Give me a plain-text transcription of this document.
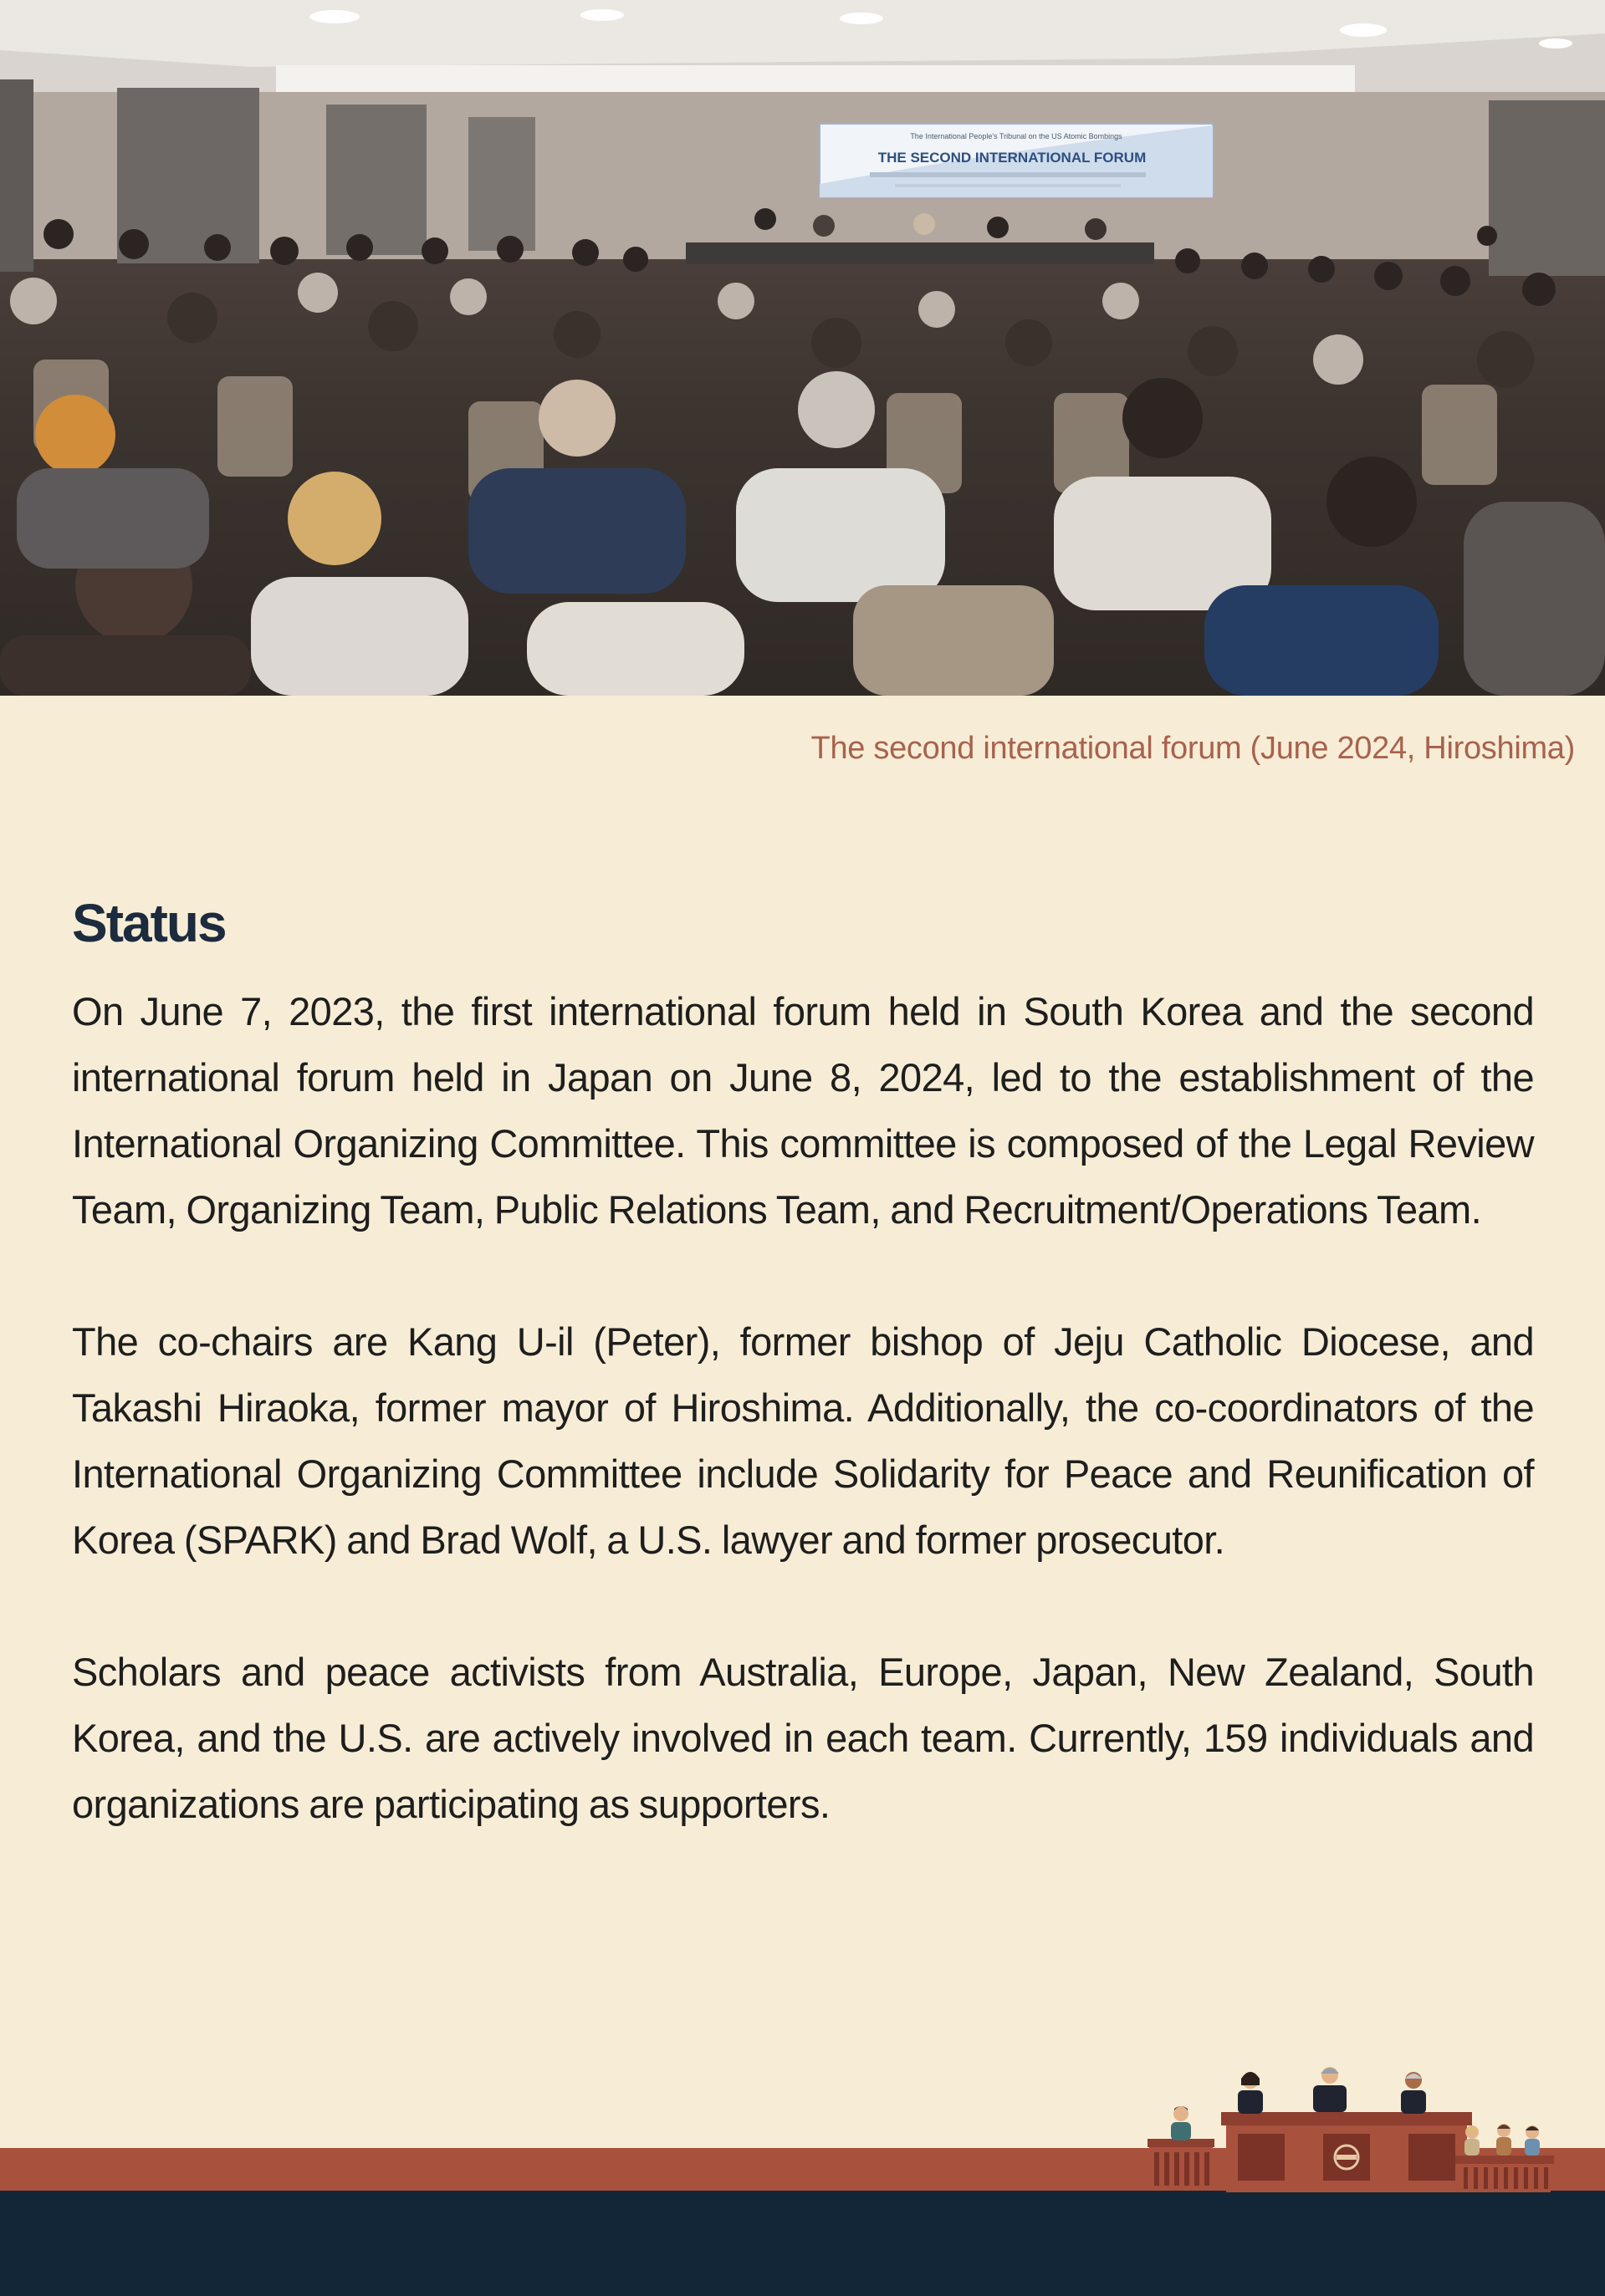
The International People's Tribunal on the US Atomic Bombings
THE SECOND INTERNATIONAL FORUM
The second international forum (June 2024, Hiroshima)
Status

On June 7, 2023, the first international forum held in South Korea and the second international forum held in Japan on June 8, 2024, led to the establishment of the International Organizing Committee. This committee is composed of the Legal Review Team, Organizing Team, Public Relations Team, and Recruitment/Operations Team.

The co-chairs are Kang U-il (Peter), former bishop of Jeju Catholic Diocese, and Takashi Hiraoka, former mayor of Hiroshima. Additionally, the co-coordinators of the International Organizing Committee include Solidarity for Peace and Reunification of Korea (SPARK) and Brad Wolf, a U.S. lawyer and former prosecutor.

Scholars and peace activists from Australia, Europe, Japan, New Zealand, South Korea, and the U.S. are actively involved in each team. Currently, 159 individuals and organizations are participating as supporters.
